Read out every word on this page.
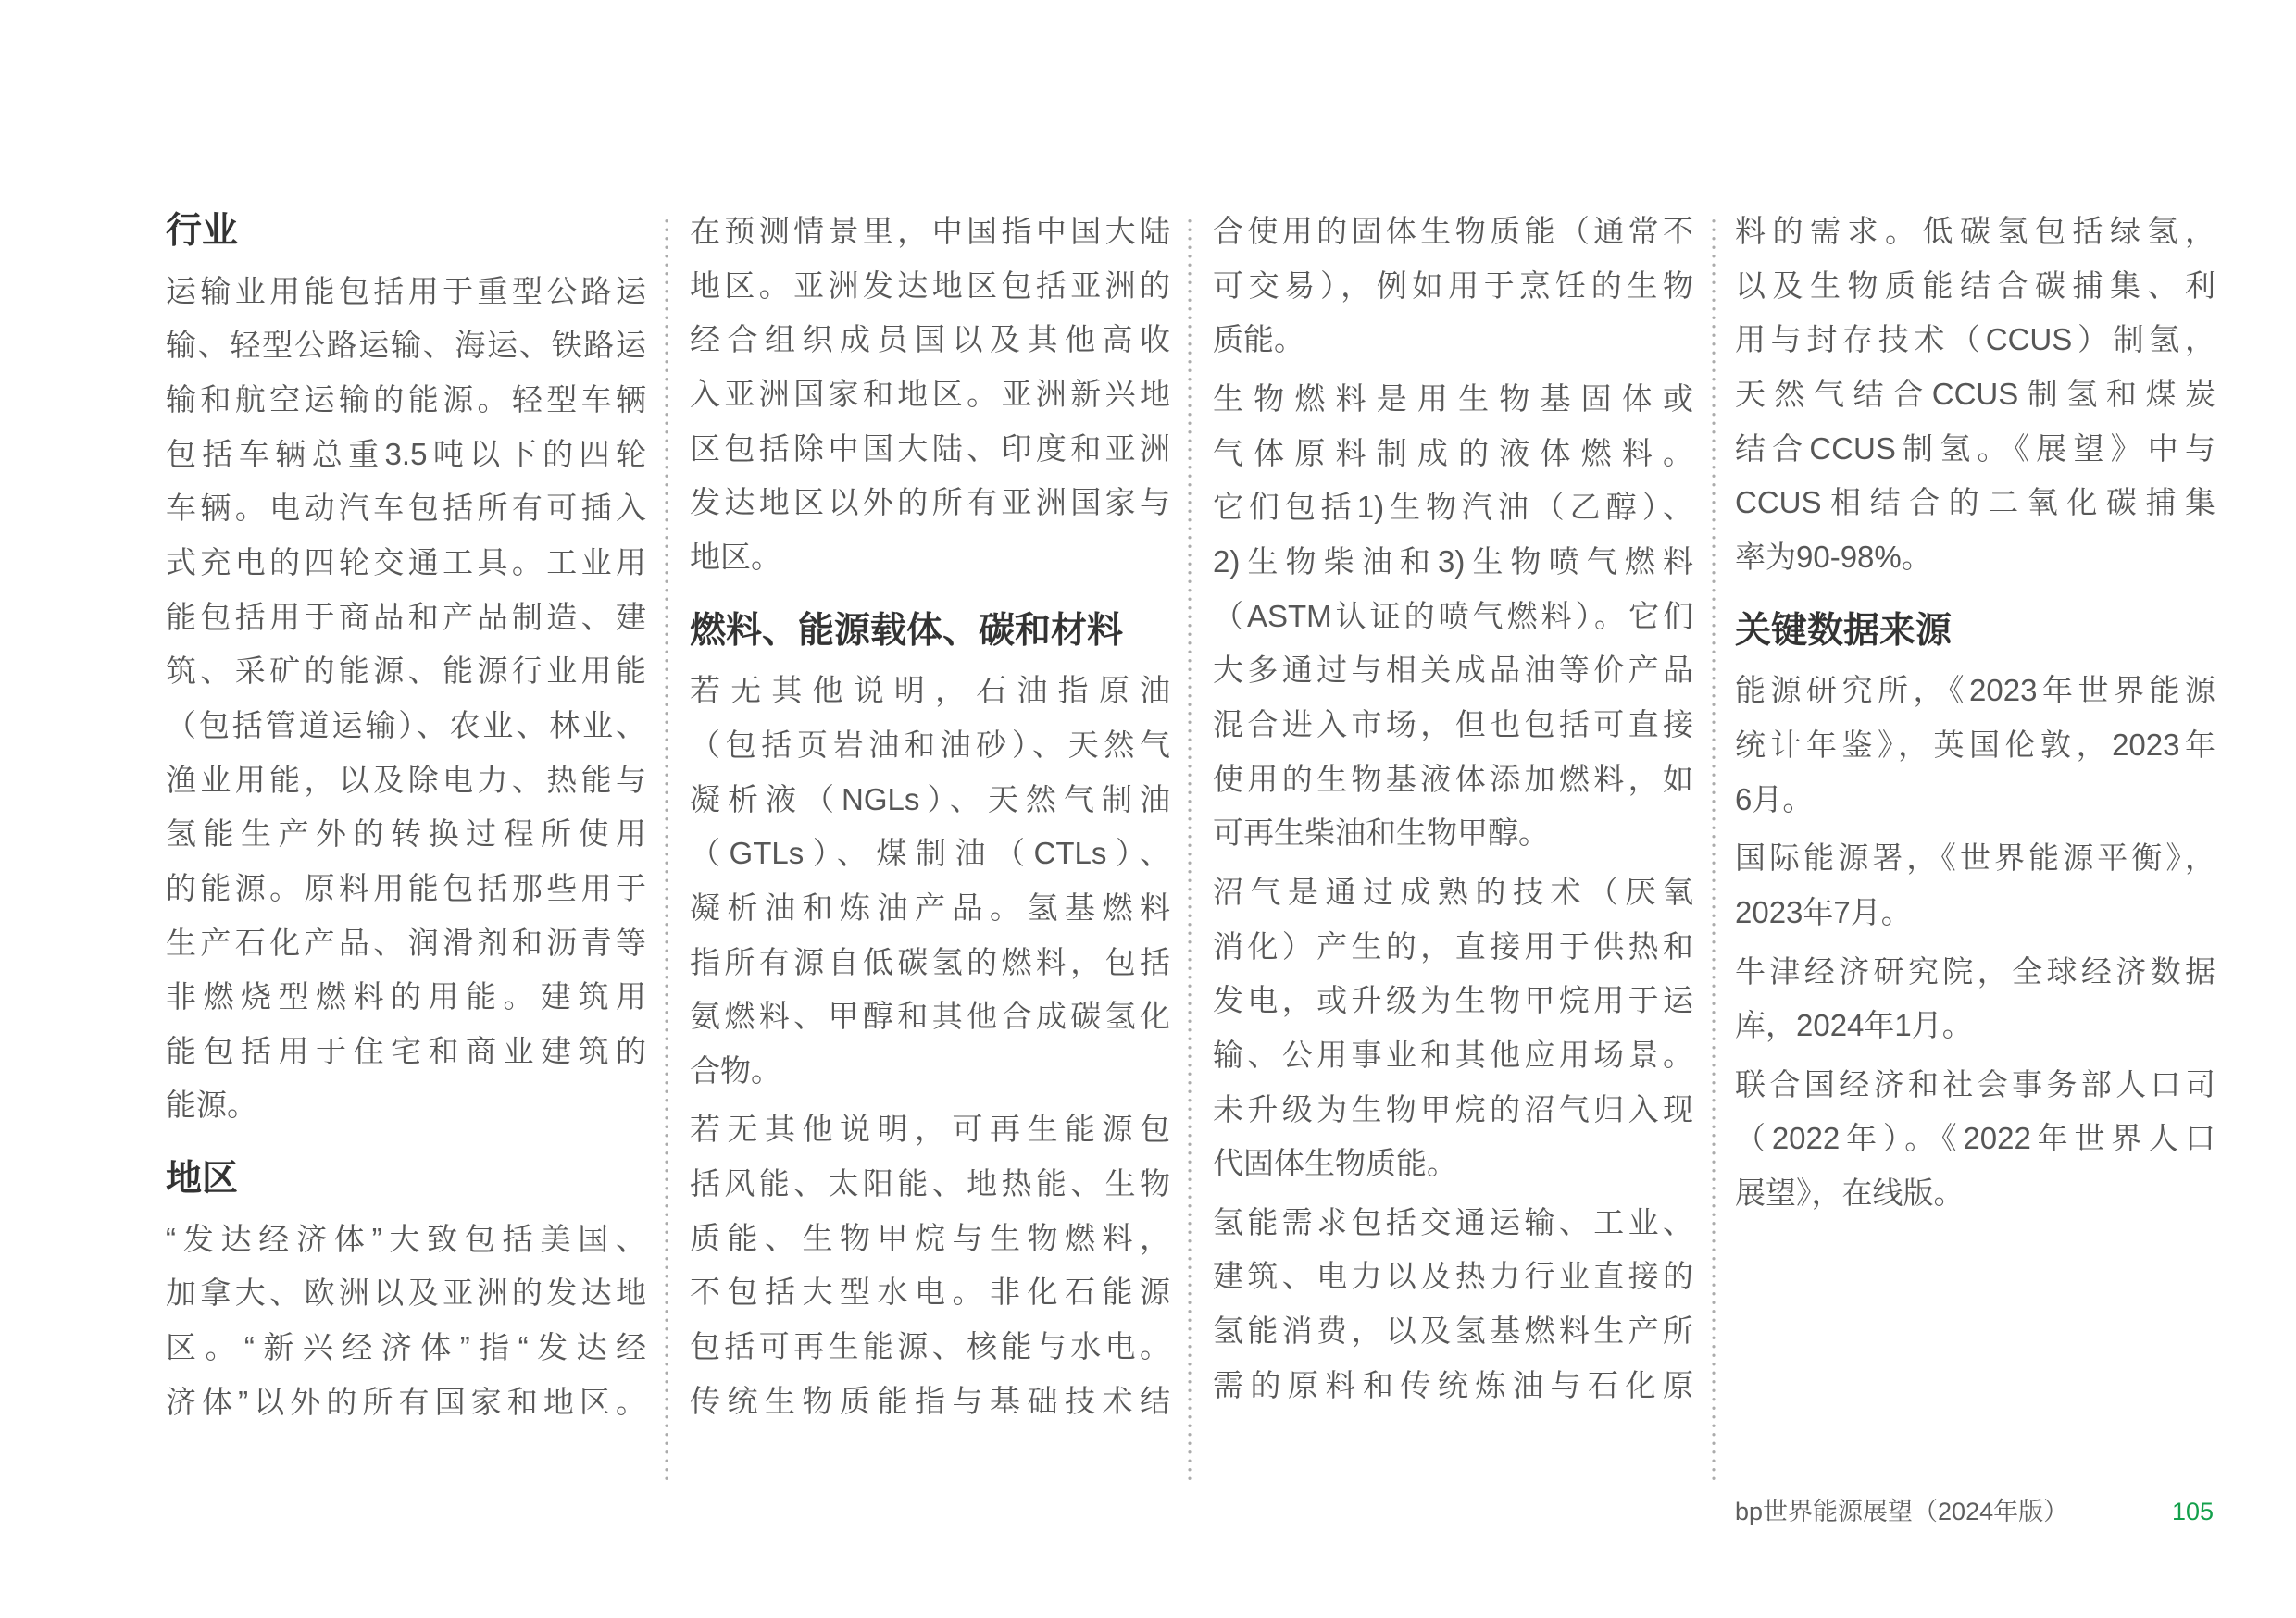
行业
运输业用能包括用于重型公路运
输、轻型公路运输、海运、铁路运
输和航空运输的能源。轻型车辆
包括车辆总重3.5吨以下的四轮
车辆。电动汽车包括所有可插入
式充电的四轮交通工具。工业用
能包括用于商品和产品制造、建
筑、采矿的能源、能源行业用能
（包括管道运输）、农业、林业、
渔业用能，以及除电力、热能与
氢能生产外的转换过程所使用
的能源。原料用能包括那些用于
生产石化产品、润滑剂和沥青等
非燃烧型燃料的用能。建筑用
能包括用于住宅和商业建筑的
能源。
地区
“发达经济体”大致包括美国、
加拿大、欧洲以及亚洲的发达地
区。“新兴经济体”指“发达经
济体”以外的所有国家和地区。
在预测情景里，中国指中国大陆
地区。亚洲发达地区包括亚洲的
经合组织成员国以及其他高收
入亚洲国家和地区。亚洲新兴地
区包括除中国大陆、印度和亚洲
发达地区以外的所有亚洲国家与
地区。
燃料、能源载体、碳和材料
若无其他说明，石油指原油
（包括页岩油和油砂）、天然气
凝析液（NGLs）、天然气制油
（GTLs）、煤制油（CTLs）、
凝析油和炼油产品。氢基燃料
指所有源自低碳氢的燃料，包括
氨燃料、甲醇和其他合成碳氢化
合物。
若无其他说明，可再生能源包
括风能、太阳能、地热能、生物
质能、生物甲烷与生物燃料，
不包括大型水电。非化石能源
包括可再生能源、核能与水电。
传统生物质能指与基础技术结
合使用的固体生物质能（通常不
可交易），例如用于烹饪的生物
质能。
生物燃料是用生物基固体或
气体原料制成的液体燃料。
它们包括1)生物汽油（乙醇）、
2)生物柴油和3)生物喷气燃料
（ASTM认证的喷气燃料）。它们
大多通过与相关成品油等价产品
混合进入市场，但也包括可直接
使用的生物基液体添加燃料，如
可再生柴油和生物甲醇。
沼气是通过成熟的技术（厌氧
消化）产生的，直接用于供热和
发电，或升级为生物甲烷用于运
输、公用事业和其他应用场景。
未升级为生物甲烷的沼气归入现
代固体生物质能。
氢能需求包括交通运输、工业、
建筑、电力以及热力行业直接的
氢能消费，以及氢基燃料生产所
需的原料和传统炼油与石化原
料的需求。低碳氢包括绿氢，
以及生物质能结合碳捕集、利
用与封存技术（CCUS）制氢，
天然气结合CCUS制氢和煤炭
结合CCUS制氢。《展望》中与
CCUS相结合的二氧化碳捕集
率为90-98%。
关键数据来源
能源研究所，《2023年世界能源
统计年鉴》，英国伦敦，2023年
6月。
国际能源署，《世界能源平衡》，
2023年7月。
牛津经济研究院，全球经济数据
库，2024年1月。
联合国经济和社会事务部人口司
（2022年）。《2022年世界人口
展望》，在线版。
bp世界能源展望（2024年版）	105
